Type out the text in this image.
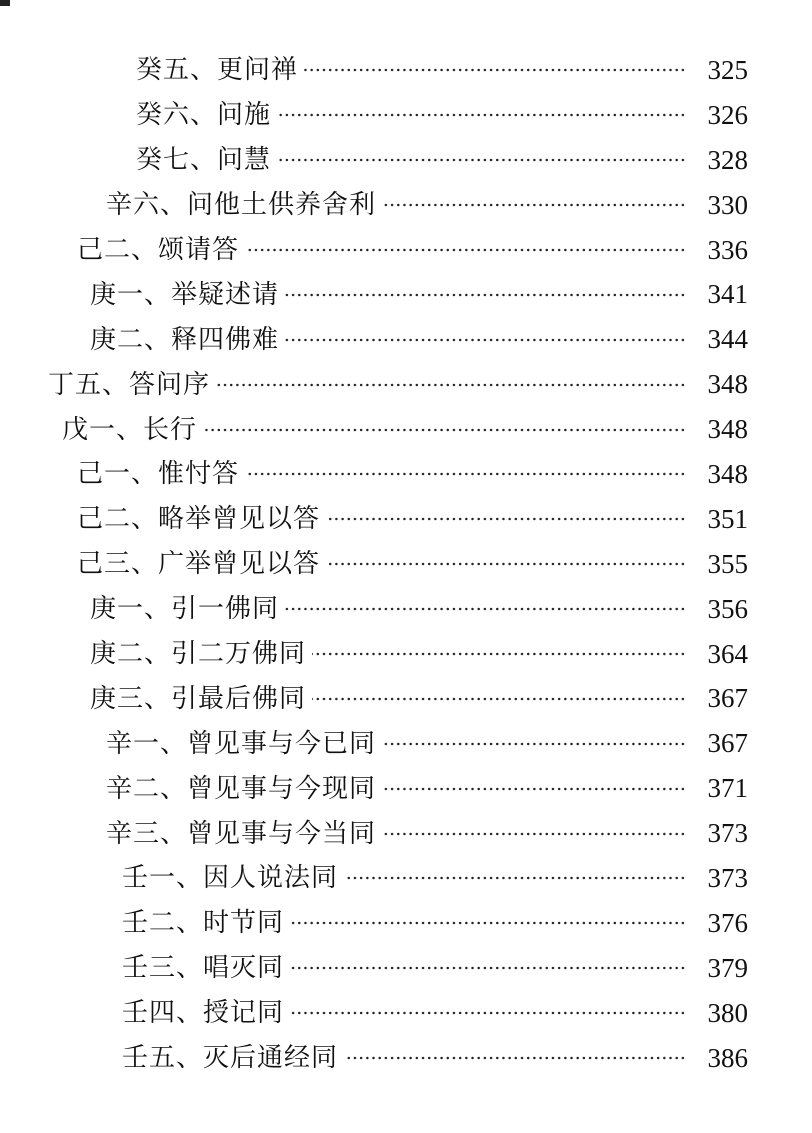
癸五、更问禅	325
癸六、问施	326
癸七、问慧	328
辛六、问他土供养舍利	330
己二、颂请答	336
庚一、举疑述请	341
庚二、释四佛难	344
丁五、答问序	348
戊一、长行	348
己一、惟忖答	348
己二、略举曾见以答	351
己三、广举曾见以答	355
庚一、引一佛同	356
庚二、引二万佛同	364
庚三、引最后佛同	367
辛一、曾见事与今已同	367
辛二、曾见事与今现同	371
辛三、曾见事与今当同	373
壬一、因人说法同	373
壬二、时节同	376
壬三、唱灭同	379
壬四、授记同	380
壬五、灭后通经同	386
